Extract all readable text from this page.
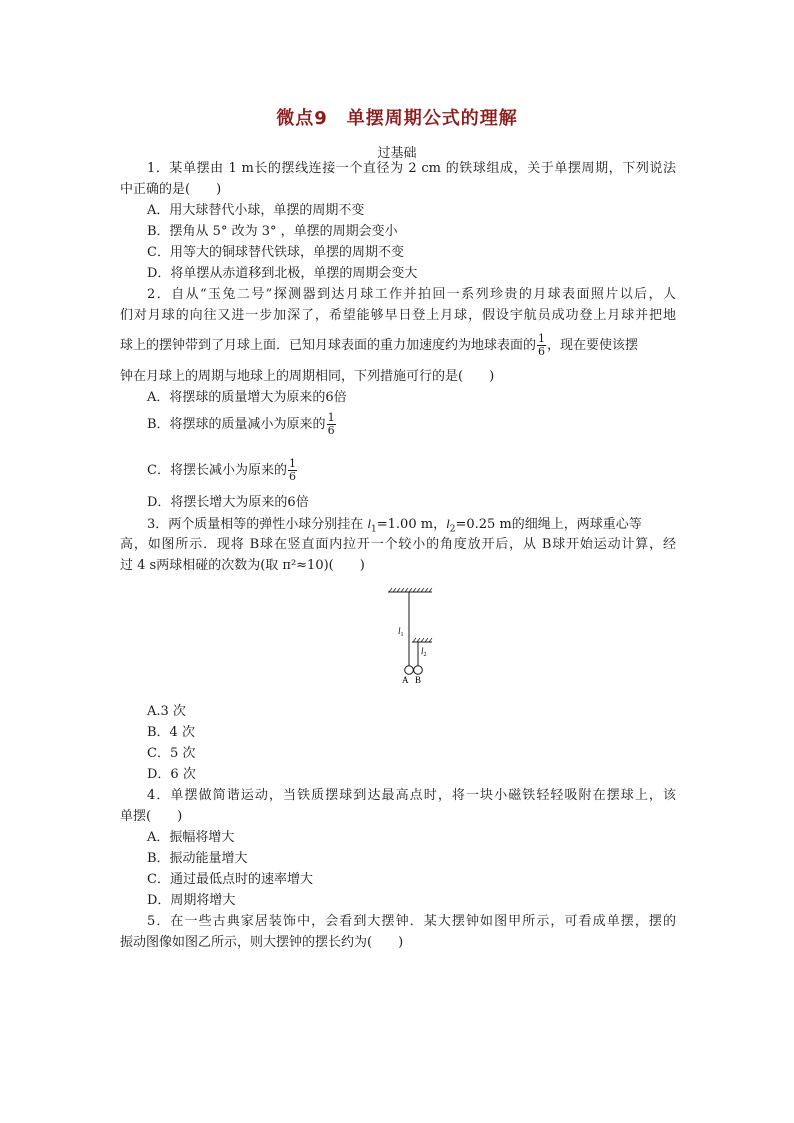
微点9　单摆周期公式的理解
过基础
1．某单摆由 1 m长的摆线连接一个直径为 2 cm 的铁球组成，关于单摆周期，下列说法
中正确的是(　　)
A．用大球替代小球，单摆的周期不变
B．摆角从 5° 改为 3° ，单摆的周期会变小
C．用等大的铜球替代铁球，单摆的周期不变
D．将单摆从赤道移到北极，单摆的周期会变大
2．自从“玉兔二号”探测器到达月球工作并拍回一系列珍贵的月球表面照片以后，人
们对月球的向往又进一步加深了，希望能够早日登上月球，假设宇航员成功登上月球并把地
球上的摆钟带到了月球上面．已知月球表面的重力加速度约为地球表面的 $\frac{1}{6}$ ，现在要使该摆
钟在月球上的周期与地球上的周期相同，下列措施可行的是(　　)
A．将摆球的质量增大为原来的6倍
B．将摆球的质量减小为原来的 $\frac{1}{6}$
C．将摆长减小为原来的 $\frac{1}{6}$
D．将摆长增大为原来的6倍
3．两个质量相等的弹性小球分别挂在 $l_1=1.00$ m，$l_2=0.25$ m的细绳上，两球重心等
高，如图所示．现将 B球在竖直面内拉开一个较小的角度放开后，从 B球开始运动计算，经
过 4 s两球相碰的次数为(取 π²≈10)(　　)
$l_1$
$l_2$
A B
A.3 次
B．4 次
C．5 次
D．6 次
4．单摆做简谐运动，当铁质摆球到达最高点时，将一块小磁铁轻轻吸附在摆球上，该
单摆(　　)
A．振幅将增大
B．振动能量增大
C．通过最低点时的速率增大
D．周期将增大
5．在一些古典家居装饰中，会看到大摆钟．某大摆钟如图甲所示，可看成单摆，摆的
振动图像如图乙所示，则大摆钟的摆长约为(　　)
